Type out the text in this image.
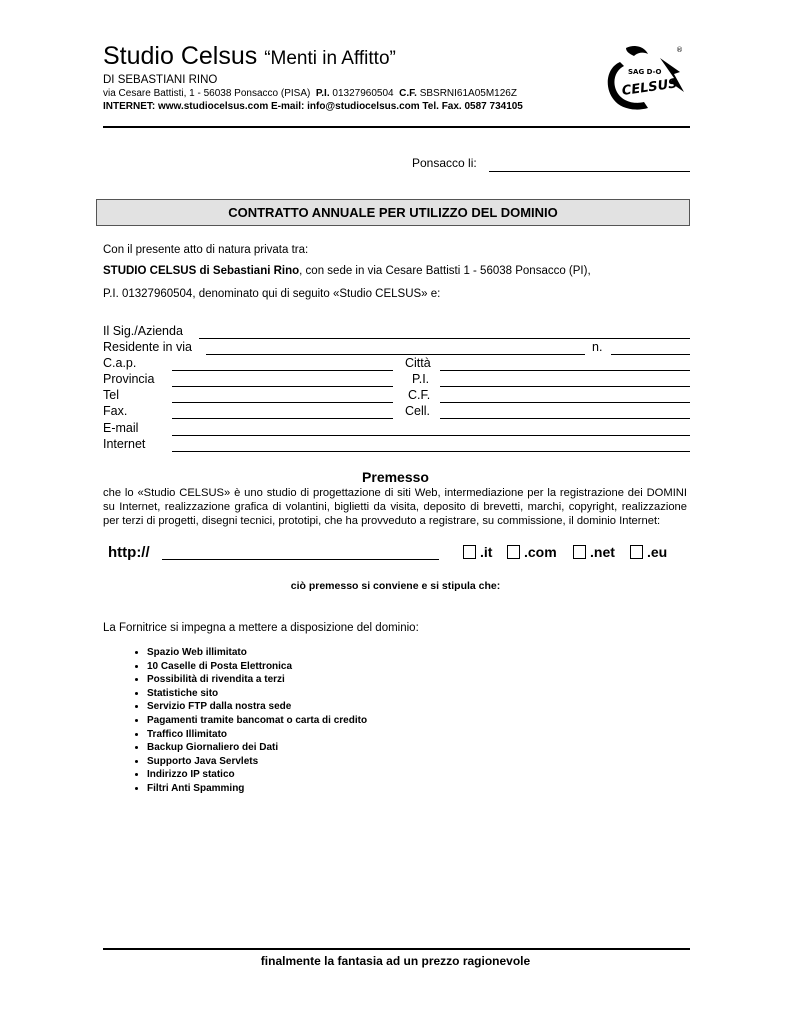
Studio Celsus “Menti in Affitto”
DI SEBASTIANI RINO
via Cesare Battisti, 1 - 56038 Ponsacco (PISA) P.I. 01327960504 C.F. SBSRNI61A05M126Z
INTERNET: www.studiocelsus.com E-mail: info@studiocelsus.com Tel. Fax. 0587 734105
SAG D-O
CELSUS
®
Ponsacco li:
CONTRATTO ANNUALE PER UTILIZZO DEL DOMINIO
Con il presente atto di natura privata tra:
STUDIO CELSUS di Sebastiani Rino, con sede in via Cesare Battisti 1 - 56038 Ponsacco (PI),
P.I. 01327960504, denominato qui di seguito «Studio CELSUS» e:
Il Sig./Azienda
Residente in via	n.
C.a.p.	Città
Provincia	P.I.
Tel	C.F.
Fax.	Cell.
E-mail
Internet
Premesso
che lo «Studio CELSUS» è uno studio di progettazione di siti Web, intermediazione per la registrazione dei DOMINI su Internet, realizzazione grafica di volantini, biglietti da visita, deposito di brevetti, marchi, copyright, realizzazione per terzi di progetti, disegni tecnici, prototipi, che ha provveduto a registrare, su commissione, il dominio Internet:
http://	.it .com .net .eu
ciò premesso si conviene e si stipula che:
La Fornitrice si impegna a mettere a disposizione del dominio:
• Spazio Web illimitato
• 10 Caselle di Posta Elettronica
• Possibilità di rivendita a terzi
• Statistiche sito
• Servizio FTP dalla nostra sede
• Pagamenti tramite bancomat o carta di credito
• Traffico Illimitato
• Backup Giornaliero dei Dati
• Supporto Java Servlets
• Indirizzo IP statico
• Filtri Anti Spamming
finalmente la fantasia ad un prezzo ragionevole
